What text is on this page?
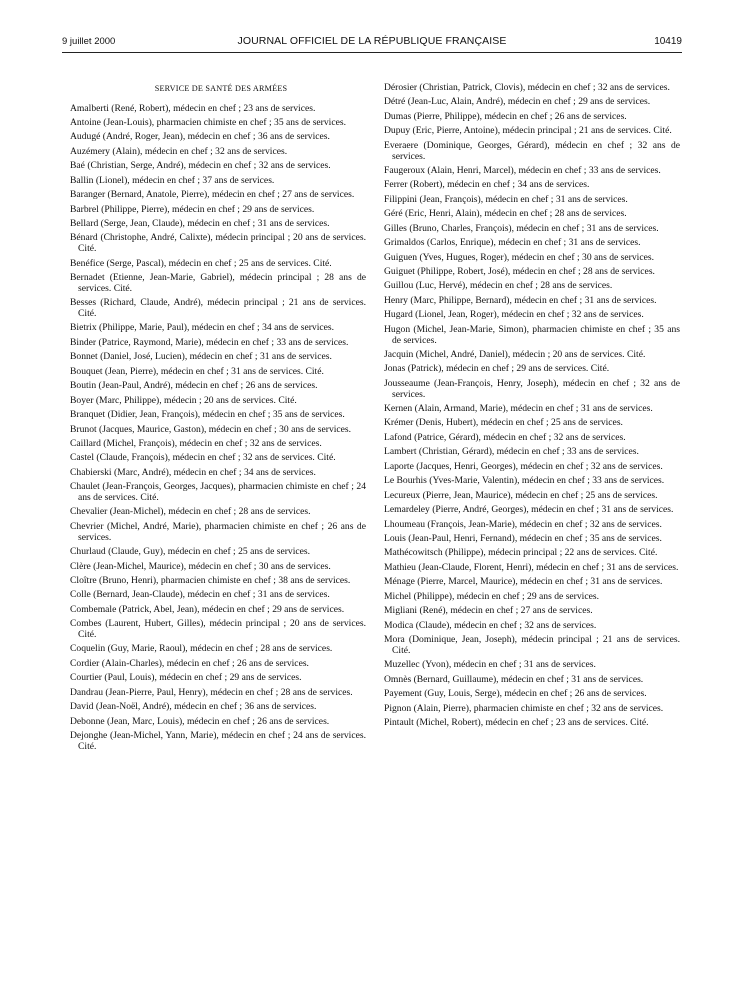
9 juillet 2000	JOURNAL OFFICIEL DE LA RÉPUBLIQUE FRANÇAISE	10419
SERVICE DE SANTÉ DES ARMÉES

Amalberti (René, Robert), médecin en chef ; 23 ans de services.

Antoine (Jean-Louis), pharmacien chimiste en chef ; 35 ans de services.

Audugé (André, Roger, Jean), médecin en chef ; 36 ans de services.

Auzémery (Alain), médecin en chef ; 32 ans de services.

Baé (Christian, Serge, André), médecin en chef ; 32 ans de services.

Ballin (Lionel), médecin en chef ; 37 ans de services.

Baranger (Bernard, Anatole, Pierre), médecin en chef ; 27 ans de services.

Barbrel (Philippe, Pierre), médecin en chef ; 29 ans de services.

Bellard (Serge, Jean, Claude), médecin en chef ; 31 ans de services.

Bénard (Christophe, André, Calixte), médecin principal ; 20 ans de services. Cité.

Benéfice (Serge, Pascal), médecin en chef ; 25 ans de services. Cité.

Bernadet (Etienne, Jean-Marie, Gabriel), médecin principal ; 28 ans de services. Cité.

Besses (Richard, Claude, André), médecin principal ; 21 ans de services. Cité.

Bietrix (Philippe, Marie, Paul), médecin en chef ; 34 ans de services.

Binder (Patrice, Raymond, Marie), médecin en chef ; 33 ans de services.

Bonnet (Daniel, José, Lucien), médecin en chef ; 31 ans de services.

Bouquet (Jean, Pierre), médecin en chef ; 31 ans de services. Cité.

Boutin (Jean-Paul, André), médecin en chef ; 26 ans de services.

Boyer (Marc, Philippe), médecin ; 20 ans de services. Cité.

Branquet (Didier, Jean, François), médecin en chef ; 35 ans de services.

Brunot (Jacques, Maurice, Gaston), médecin en chef ; 30 ans de services.

Caillard (Michel, François), médecin en chef ; 32 ans de services.

Castel (Claude, François), médecin en chef ; 32 ans de services. Cité.

Chabierski (Marc, André), médecin en chef ; 34 ans de services.

Chaulet (Jean-François, Georges, Jacques), pharmacien chimiste en chef ; 24 ans de services. Cité.

Chevalier (Jean-Michel), médecin en chef ; 28 ans de services.

Chevrier (Michel, André, Marie), pharmacien chimiste en chef ; 26 ans de services.

Churlaud (Claude, Guy), médecin en chef ; 25 ans de services.

Clère (Jean-Michel, Maurice), médecin en chef ; 30 ans de services.

Cloître (Bruno, Henri), pharmacien chimiste en chef ; 38 ans de services.

Colle (Bernard, Jean-Claude), médecin en chef ; 31 ans de services.

Combemale (Patrick, Abel, Jean), médecin en chef ; 29 ans de services.

Combes (Laurent, Hubert, Gilles), médecin principal ; 20 ans de services. Cité.

Coquelin (Guy, Marie, Raoul), médecin en chef ; 28 ans de services.

Cordier (Alain-Charles), médecin en chef ; 26 ans de services.

Courtier (Paul, Louis), médecin en chef ; 29 ans de services.

Dandrau (Jean-Pierre, Paul, Henry), médecin en chef ; 28 ans de services.

David (Jean-Noël, André), médecin en chef ; 36 ans de services.

Debonne (Jean, Marc, Louis), médecin en chef ; 26 ans de services.

Dejonghe (Jean-Michel, Yann, Marie), médecin en chef ; 24 ans de services. Cité.

Dérosier (Christian, Patrick, Clovis), médecin en chef ; 32 ans de services.

Détré (Jean-Luc, Alain, André), médecin en chef ; 29 ans de services.

Dumas (Pierre, Philippe), médecin en chef ; 26 ans de services.

Dupuy (Eric, Pierre, Antoine), médecin principal ; 21 ans de services. Cité.

Everaere (Dominique, Georges, Gérard), médecin en chef ; 32 ans de services.

Faugeroux (Alain, Henri, Marcel), médecin en chef ; 33 ans de services.

Ferrer (Robert), médecin en chef ; 34 ans de services.

Filippini (Jean, François), médecin en chef ; 31 ans de services.

Géré (Eric, Henri, Alain), médecin en chef ; 28 ans de services.

Gilles (Bruno, Charles, François), médecin en chef ; 31 ans de services.

Grimaldos (Carlos, Enrique), médecin en chef ; 31 ans de services.

Guiguen (Yves, Hugues, Roger), médecin en chef ; 30 ans de services.

Guiguet (Philippe, Robert, José), médecin en chef ; 28 ans de services.

Guillou (Luc, Hervé), médecin en chef ; 28 ans de services.

Henry (Marc, Philippe, Bernard), médecin en chef ; 31 ans de services.

Hugard (Lionel, Jean, Roger), médecin en chef ; 32 ans de services.

Hugon (Michel, Jean-Marie, Simon), pharmacien chimiste en chef ; 35 ans de services.

Jacquin (Michel, André, Daniel), médecin ; 20 ans de services. Cité.

Jonas (Patrick), médecin en chef ; 29 ans de services. Cité.

Jousseaume (Jean-François, Henry, Joseph), médecin en chef ; 32 ans de services.

Kernen (Alain, Armand, Marie), médecin en chef ; 31 ans de services.

Krémer (Denis, Hubert), médecin en chef ; 25 ans de services.

Lafond (Patrice, Gérard), médecin en chef ; 32 ans de services.

Lambert (Christian, Gérard), médecin en chef ; 33 ans de services.

Laporte (Jacques, Henri, Georges), médecin en chef ; 32 ans de services.

Le Bourhis (Yves-Marie, Valentin), médecin en chef ; 33 ans de services.

Lecureux (Pierre, Jean, Maurice), médecin en chef ; 25 ans de services.

Lemardeley (Pierre, André, Georges), médecin en chef ; 31 ans de services.

Lhoumeau (François, Jean-Marie), médecin en chef ; 32 ans de services.

Louis (Jean-Paul, Henri, Fernand), médecin en chef ; 35 ans de services.

Mathécowitsch (Philippe), médecin principal ; 22 ans de services. Cité.

Mathieu (Jean-Claude, Florent, Henri), médecin en chef ; 31 ans de services.

Ménage (Pierre, Marcel, Maurice), médecin en chef ; 31 ans de services.

Michel (Philippe), médecin en chef ; 29 ans de services.

Migliani (René), médecin en chef ; 27 ans de services.

Modica (Claude), médecin en chef ; 32 ans de services.

Mora (Dominique, Jean, Joseph), médecin principal ; 21 ans de services. Cité.

Muzellec (Yvon), médecin en chef ; 31 ans de services.

Omnès (Bernard, Guillaume), médecin en chef ; 31 ans de services.

Payement (Guy, Louis, Serge), médecin en chef ; 26 ans de services.

Pignon (Alain, Pierre), pharmacien chimiste en chef ; 32 ans de services.

Pintault (Michel, Robert), médecin en chef ; 23 ans de services. Cité.
